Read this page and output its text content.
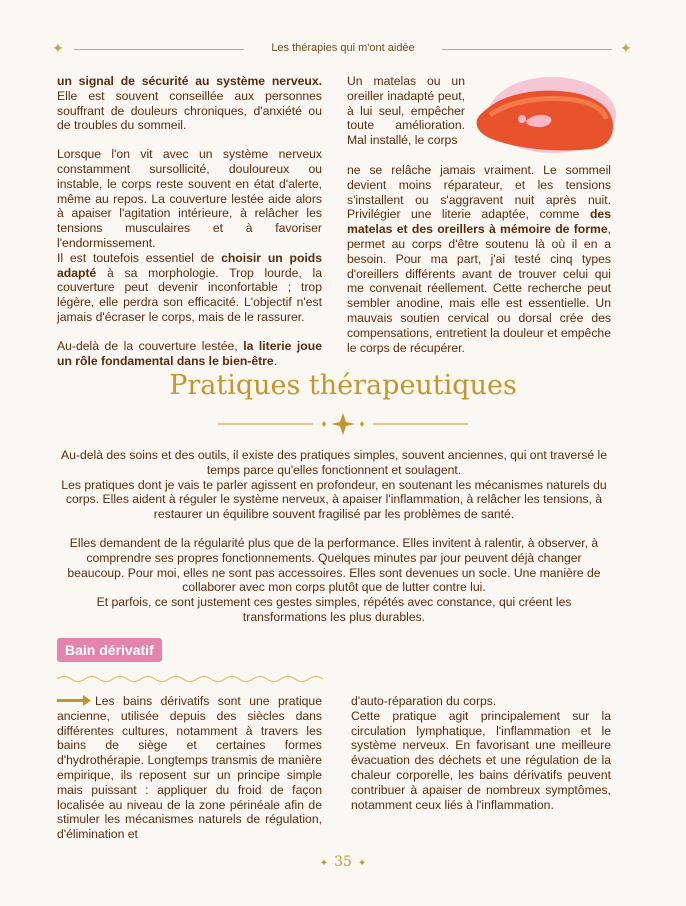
✦	Les thérapies qui m'ont aidée	✦

un signal de sécurité au système nerveux. Elle est souvent conseillée aux personnes souffrant de douleurs chroniques, d'anxiété ou de troubles du sommeil.

Lorsque l'on vit avec un système nerveux constamment sursollicité, douloureux ou instable, le corps reste souvent en état d'alerte, même au repos. La couverture lestée aide alors à apaiser l'agitation intérieure, à relâcher les tensions musculaires et à favoriser l'endormissement.

Il est toutefois essentiel de choisir un poids adapté à sa morphologie. Trop lourde, la couverture peut devenir inconfortable ; trop légère, elle perdra son efficacité. L'objectif n'est jamais d'écraser le corps, mais de le rassurer.

Au-delà de la couverture lestée, la literie joue un rôle fondamental dans le bien-être.

Un matelas ou un oreiller inadapté peut, à lui seul, empêcher toute amélioration. Mal installé, le corps

ne se relâche jamais vraiment. Le sommeil devient moins réparateur, et les tensions s'installent ou s'aggravent nuit après nuit. Privilégier une literie adaptée, comme des matelas et des oreillers à mémoire de forme, permet au corps d'être soutenu là où il en a besoin. Pour ma part, j'ai testé cinq types d'oreillers différents avant de trouver celui qui me convenait réellement. Cette recherche peut sembler anodine, mais elle est essentielle. Un mauvais soutien cervical ou dorsal crée des compensations, entretient la douleur et empêche le corps de récupérer.

Pratiques thérapeutiques

Au-delà des soins et des outils, il existe des pratiques simples, souvent anciennes, qui ont traversé le temps parce qu'elles fonctionnent et soulagent.

Les pratiques dont je vais te parler agissent en profondeur, en soutenant les mécanismes naturels du corps. Elles aident à réguler le système nerveux, à apaiser l'inflammation, à relâcher les tensions, à restaurer un équilibre souvent fragilisé par les problèmes de santé.

Elles demandent de la régularité plus que de la performance. Elles invitent à ralentir, à observer, à comprendre ses propres fonctionnements. Quelques minutes par jour peuvent déjà changer beaucoup. Pour moi, elles ne sont pas accessoires. Elles sont devenues un socle. Une manière de collaborer avec mon corps plutôt que de lutter contre lui.

Et parfois, ce sont justement ces gestes simples, répétés avec constance, qui créent les transformations les plus durables.

Bain dérivatif

Les bains dérivatifs sont une pratique ancienne, utilisée depuis des siècles dans différentes cultures, notamment à travers les bains de siège et certaines formes d'hydrothérapie. Longtemps transmis de manière empirique, ils reposent sur un principe simple mais puissant : appliquer du froid de façon localisée au niveau de la zone périnéale afin de stimuler les mécanismes naturels de régulation, d'élimination et

d'auto-réparation du corps.

Cette pratique agit principalement sur la circulation lymphatique, l'inflammation et le système nerveux. En favorisant une meilleure évacuation des déchets et une régulation de la chaleur corporelle, les bains dérivatifs peuvent contribuer à apaiser de nombreux symptômes, notamment ceux liés à l'inflammation.

✦ 35 ✦
